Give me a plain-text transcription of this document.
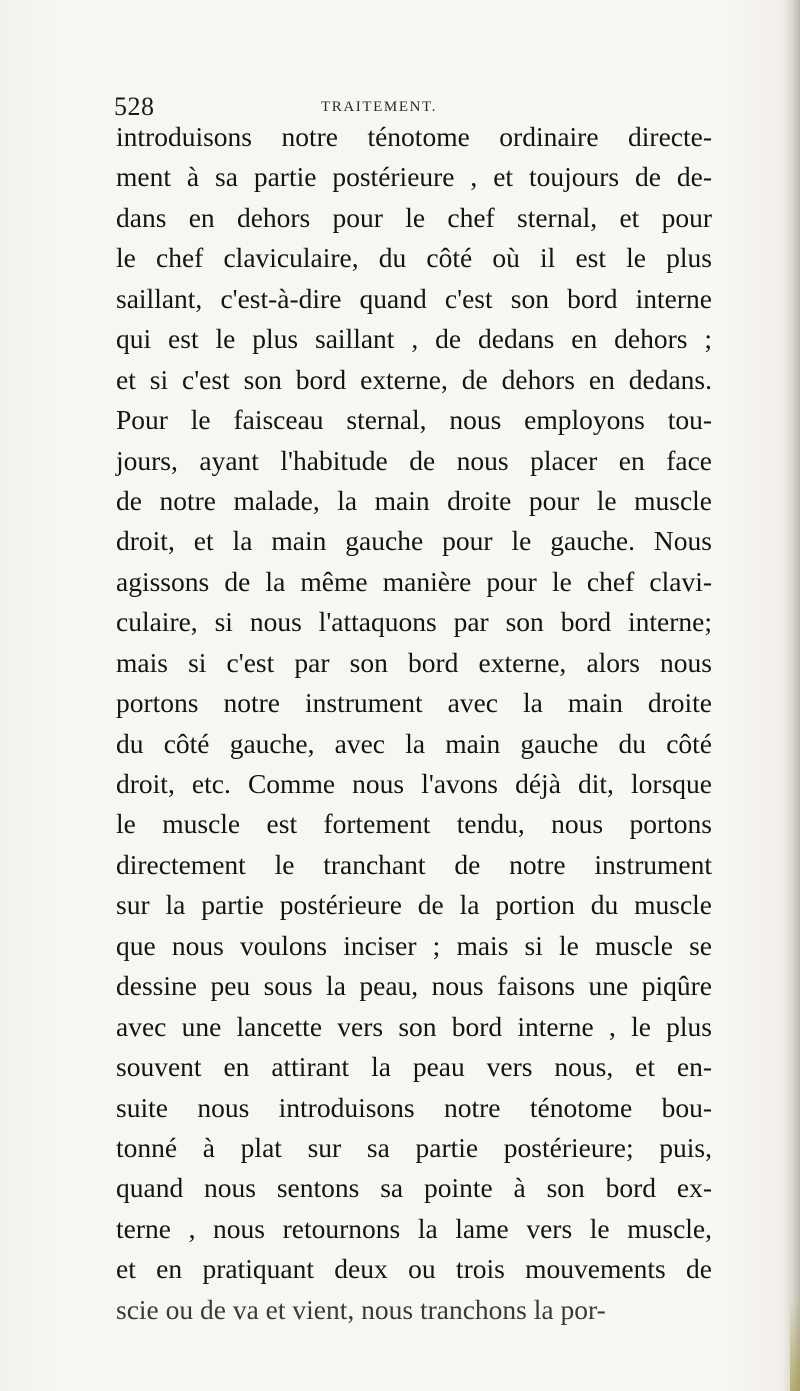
528	TRAITEMENT.
introduisons notre ténotome ordinaire directe-
ment à sa partie postérieure , et toujours de de-
dans en dehors pour le chef sternal, et pour
le chef claviculaire, du côté où il est le plus
saillant, c'est-à-dire quand c'est son bord interne
qui est le plus saillant , de dedans en dehors ;
et si c'est son bord externe, de dehors en dedans.
Pour le faisceau sternal, nous employons tou-
jours, ayant l'habitude de nous placer en face
de notre malade, la main droite pour le muscle
droit, et la main gauche pour le gauche. Nous
agissons de la même manière pour le chef clavi-
culaire, si nous l'attaquons par son bord interne;
mais si c'est par son bord externe, alors nous
portons notre instrument avec la main droite
du côté gauche, avec la main gauche du côté
droit, etc. Comme nous l'avons déjà dit, lorsque
le muscle est fortement tendu, nous portons
directement le tranchant de notre instrument
sur la partie postérieure de la portion du muscle
que nous voulons inciser ; mais si le muscle se
dessine peu sous la peau, nous faisons une piqûre
avec une lancette vers son bord interne , le plus
souvent en attirant la peau vers nous, et en-
suite nous introduisons notre ténotome bou-
tonné à plat sur sa partie postérieure; puis,
quand nous sentons sa pointe à son bord ex-
terne , nous retournons la lame vers le muscle,
et en pratiquant deux ou trois mouvements de
scie ou de va et vient, nous tranchons la por-
